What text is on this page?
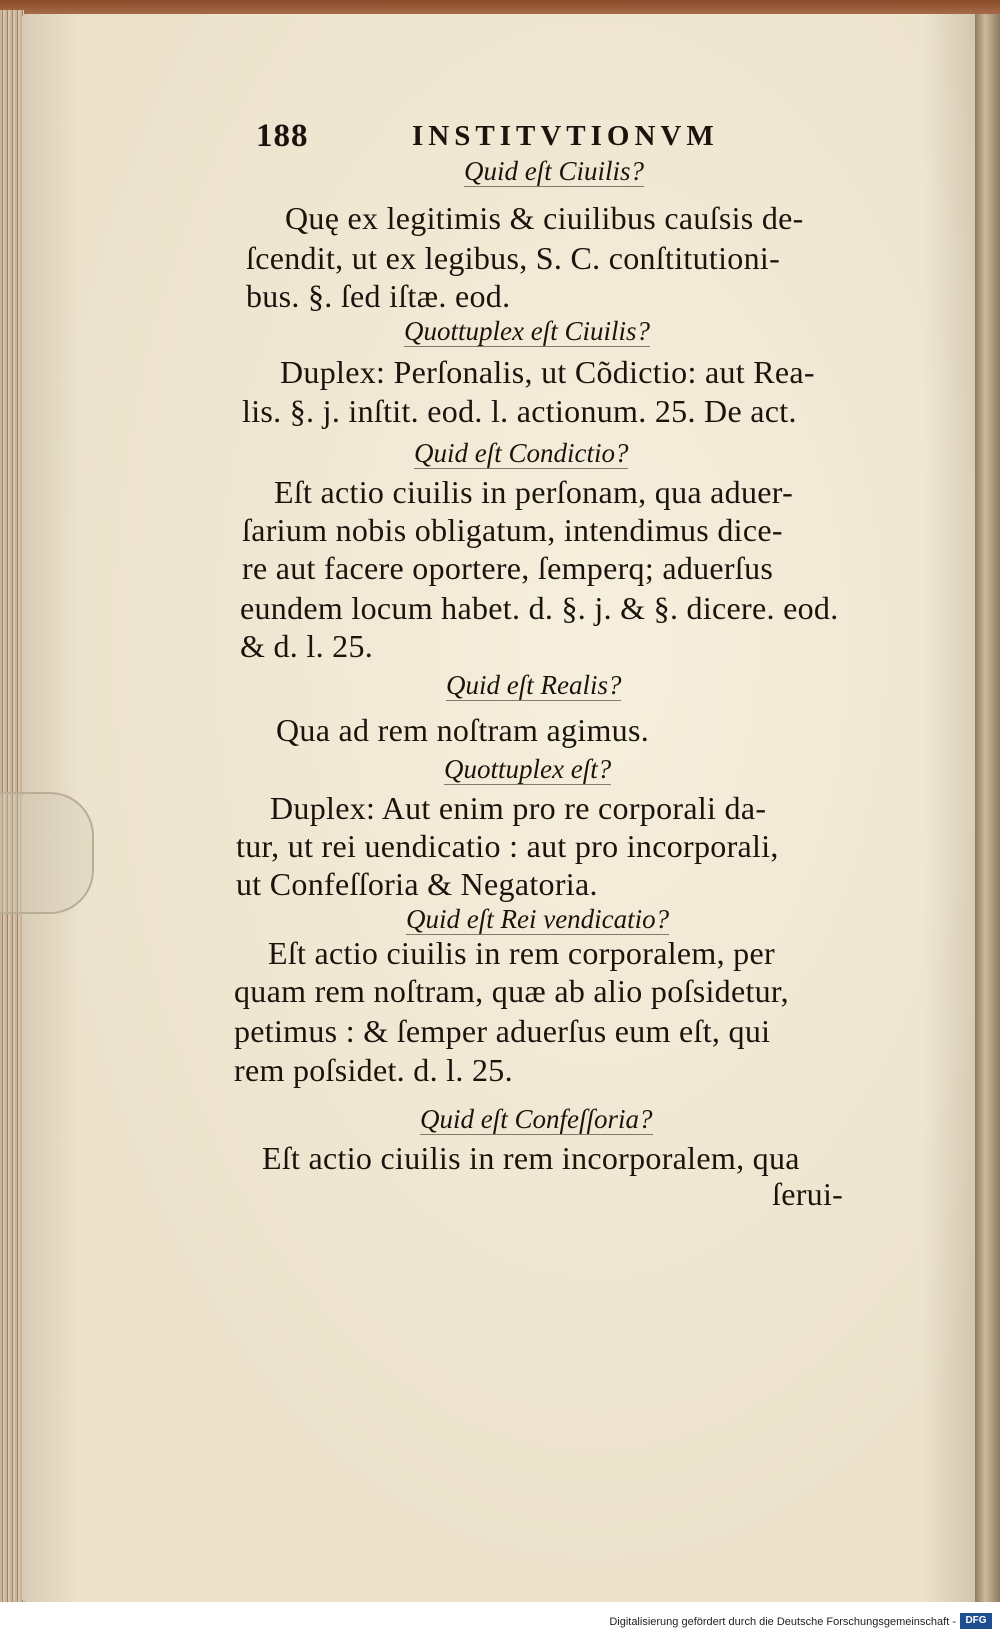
188	INSTITVTIONVM
Quid eſt Ciuilis?
Quę ex legitimis & ciuilibus cauſsis de-
ſcendit, ut ex legibus, S. C. conſtitutioni-
bus. §. ſed iſtæ. eod.
Quottuplex eſt Ciuilis?
Duplex: Perſonalis, ut Cõdictio: aut Rea-
lis. §. j. inſtit. eod. l. actionum. 25. De act.
Quid eſt Condictio?
Eſt actio ciuilis in perſonam, qua aduer-
ſarium nobis obligatum, intendimus dice-
re aut facere oportere, ſemperq; aduerſus
eundem locum habet. d. §. j. & §. dicere. eod.
& d. l. 25.
Quid eſt Realis?
Qua ad rem noſtram agimus.
Quottuplex eſt?
Duplex: Aut enim pro re corporali da-
tur, ut rei uendicatio : aut pro incorporali,
ut Confeſſoria & Negatoria.
Quid eſt Rei vendicatio?
Eſt actio ciuilis in rem corporalem, per
quam rem noſtram, quæ ab alio poſsidetur,
petimus : & ſemper aduerſus eum eſt, qui
rem poſsidet. d. l. 25.
Quid eſt Confeſſoria?
Eſt actio ciuilis in rem incorporalem, qua
ſerui-
Digitalisierung gefördert durch die Deutsche Forschungsgemeinschaft - DFG
